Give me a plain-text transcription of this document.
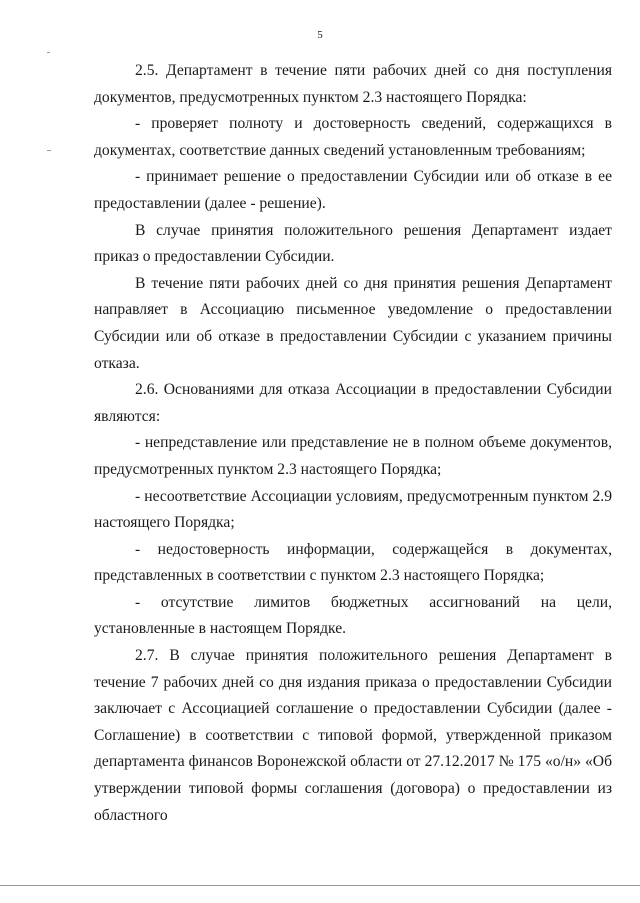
5

2.5. Департамент в течение пяти рабочих дней со дня поступления документов, предусмотренных пунктом 2.3 настоящего Порядка:

- проверяет полноту и достоверность сведений, содержащихся в документах, соответствие данных сведений установленным требованиям;

- принимает решение о предоставлении Субсидии или об отказе в ее предоставлении (далее - решение).

В случае принятия положительного решения Департамент издает приказ о предоставлении Субсидии.

В течение пяти рабочих дней со дня принятия решения Департамент направляет в Ассоциацию письменное уведомление о предоставлении Субсидии или об отказе в предоставлении Субсидии с указанием причины отказа.

2.6. Основаниями для отказа Ассоциации в предоставлении Субсидии являются:

- непредставление или представление не в полном объеме документов, предусмотренных пунктом 2.3 настоящего Порядка;

- несоответствие Ассоциации условиям, предусмотренным пунктом 2.9 настоящего Порядка;

- недостоверность информации, содержащейся в документах, представленных в соответствии с пунктом 2.3 настоящего Порядка;

- отсутствие лимитов бюджетных ассигнований на цели, установленные в настоящем Порядке.

2.7. В случае принятия положительного решения Департамент в течение 7 рабочих дней со дня издания приказа о предоставлении Субсидии заключает с Ассоциацией соглашение о предоставлении Субсидии (далее - Соглашение) в соответствии с типовой формой, утвержденной приказом департамента финансов Воронежской области от 27.12.2017 № 175 «о/н» «Об утверждении типовой формы соглашения (договора) о предоставлении из областного
